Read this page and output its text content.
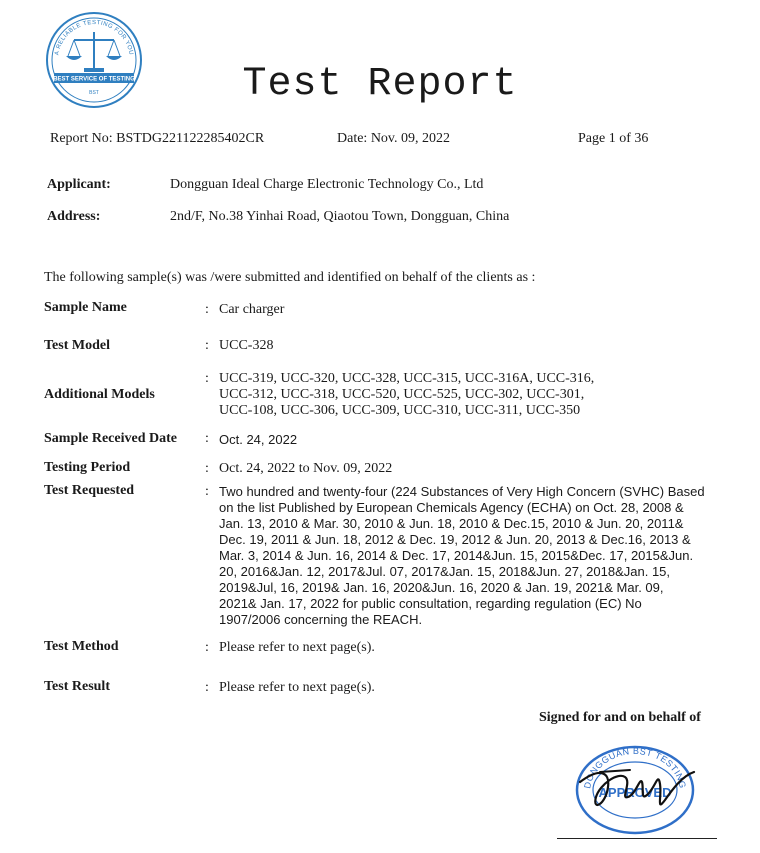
A RELIABLE TESTING FOR YOU
BEST SERVICE OF TESTING
BST	Test Report
Report No: BSTDG221122285402CR	Date: Nov. 09, 2022	Page 1 of 36
Applicant:	Dongguan Ideal Charge Electronic Technology Co., Ltd
Address:	2nd/F, No.38 Yinhai Road, Qiaotou Town, Dongguan, China
The following sample(s) was /were submitted and identified on behalf of the clients as :
Sample Name	: Car charger
Test Model	: UCC-328
Additional Models
: UCC-319, UCC-320, UCC-328, UCC-315, UCC-316A, UCC-316,
UCC-312, UCC-318, UCC-520, UCC-525, UCC-302, UCC-301,
UCC-108, UCC-306, UCC-309, UCC-310, UCC-311, UCC-350
Sample Received Date : Oct. 24, 2022
Testing Period	: Oct. 24, 2022 to Nov. 09, 2022
Test Requested	: Two hundred and twenty-four (224 Substances of Very High Concern (SVHC) Based
on the list Published by European Chemicals Agency (ECHA) on Oct. 28, 2008 &
Jan. 13, 2010 & Mar. 30, 2010 & Jun. 18, 2010 & Dec.15, 2010 & Jun. 20, 2011&
Dec. 19, 2011 & Jun. 18, 2012 & Dec. 19, 2012 & Jun. 20, 2013 & Dec.16, 2013 &
Mar. 3, 2014 & Jun. 16, 2014 & Dec. 17, 2014&Jun. 15, 2015&Dec. 17, 2015&Jun.
20, 2016&Jan. 12, 2017&Jul. 07, 2017&Jan. 15, 2018&Jun. 27, 2018&Jan. 15,
2019&Jul, 16, 2019& Jan. 16, 2020&Jun. 16, 2020 & Jan. 19, 2021& Mar. 09,
2021& Jan. 17, 2022 for public consultation, regarding regulation (EC) No
1907/2006 concerning the REACH.
Test Method	: Please refer to next page(s).
Test Result	: Please refer to next page(s).
Signed for and on behalf of
DONGGUAN BST TESTING
APPROVED
